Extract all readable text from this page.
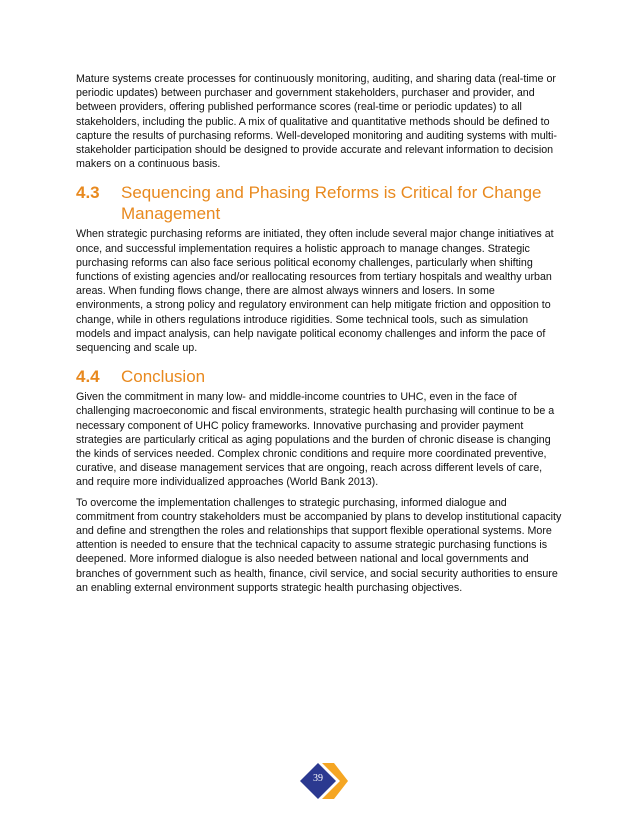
Mature systems create processes for continuously monitoring, auditing, and sharing data (real-time or periodic updates) between purchaser and government stakeholders, purchaser and provider, and between providers, offering published performance scores (real-time or periodic updates) to all stakeholders, including the public. A mix of qualitative and quantitative methods should be defined to capture the results of purchasing reforms. Well-developed monitoring and auditing systems with multi-stakeholder participation should be designed to provide accurate and relevant information to decision makers on a continuous basis.

4.3	Sequencing and Phasing Reforms is Critical for Change Management

When strategic purchasing reforms are initiated, they often include several major change initiatives at once, and successful implementation requires a holistic approach to manage changes. Strategic purchasing reforms can also face serious political economy challenges, particularly when shifting functions of existing agencies and/or reallocating resources from tertiary hospitals and wealthy urban areas. When funding flows change, there are almost always winners and losers. In some environments, a strong policy and regulatory environment can help mitigate friction and opposition to change, while in others regulations introduce rigidities. Some technical tools, such as simulation models and impact analysis, can help navigate political economy challenges and inform the pace of sequencing and scale up.

4.4	Conclusion

Given the commitment in many low- and middle-income countries to UHC, even in the face of challenging macroeconomic and fiscal environments, strategic health purchasing will continue to be a necessary component of UHC policy frameworks. Innovative purchasing and provider payment strategies are particularly critical as aging populations and the burden of chronic disease is changing the kinds of services needed. Complex chronic conditions and require more coordinated preventive, curative, and disease management services that are ongoing, reach across different levels of care, and require more individualized approaches (World Bank 2013).

To overcome the implementation challenges to strategic purchasing, informed dialogue and commitment from country stakeholders must be accompanied by plans to develop institutional capacity and define and strengthen the roles and relationships that support flexible operational systems. More attention is needed to ensure that the technical capacity to assume strategic purchasing functions is deepened. More informed dialogue is also needed between national and local governments and branches of government such as health, finance, civil service, and social security authorities to ensure an enabling external environment supports strategic health purchasing objectives.

39
